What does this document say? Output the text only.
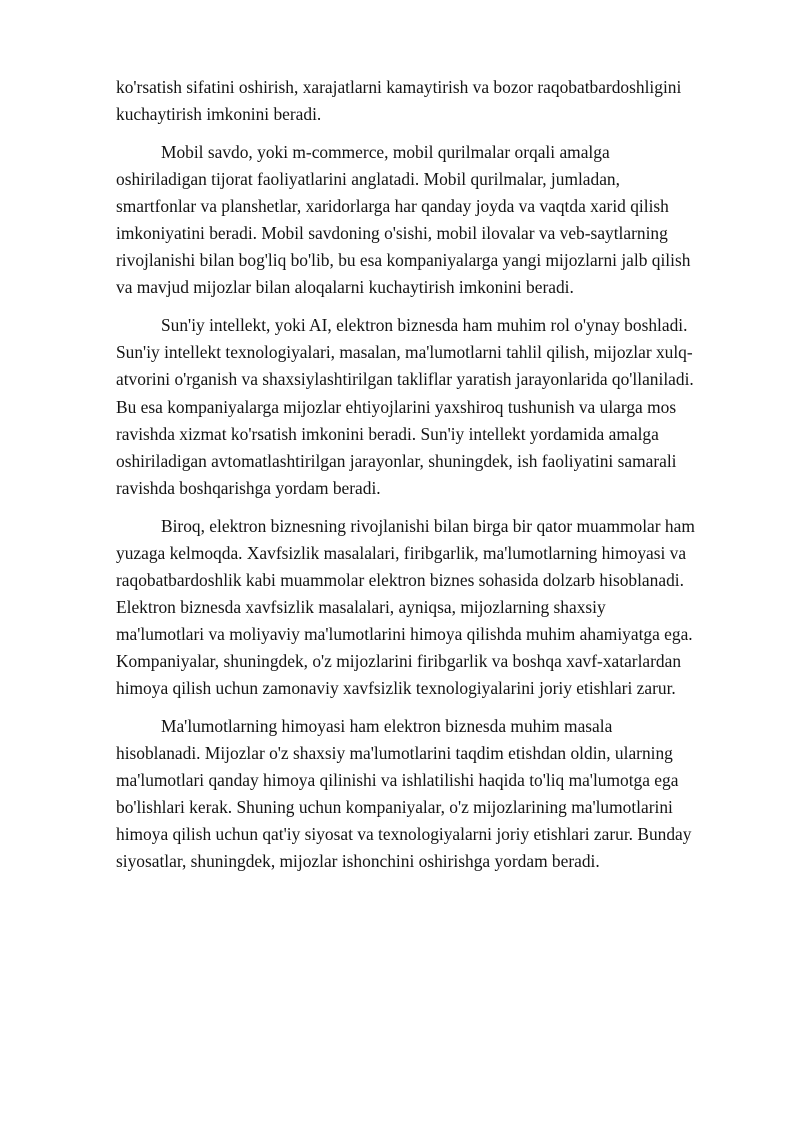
ko'rsatish sifatini oshirish, xarajatlarni kamaytirish va bozor raqobatbardoshligini
kuchaytirish imkonini beradi.

Mobil savdo, yoki m-commerce, mobil qurilmalar orqali amalga
oshiriladigan tijorat faoliyatlarini anglatadi. Mobil qurilmalar, jumladan,
smartfonlar va planshetlar, xaridorlarga har qanday joyda va vaqtda xarid qilish
imkoniyatini beradi. Mobil savdoning o'sishi, mobil ilovalar va veb-saytlarning
rivojlanishi bilan bog'liq bo'lib, bu esa kompaniyalarga yangi mijozlarni jalb qilish
va mavjud mijozlar bilan aloqalarni kuchaytirish imkonini beradi.

Sun'iy intellekt, yoki AI, elektron biznesda ham muhim rol o'ynay boshladi.
Sun'iy intellekt texnologiyalari, masalan, ma'lumotlarni tahlil qilish, mijozlar xulq-
atvorini o'rganish va shaxsiylashtirilgan takliflar yaratish jarayonlarida qo'llaniladi.
Bu esa kompaniyalarga mijozlar ehtiyojlarini yaxshiroq tushunish va ularga mos
ravishda xizmat ko'rsatish imkonini beradi. Sun'iy intellekt yordamida amalga
oshiriladigan avtomatlashtirilgan jarayonlar, shuningdek, ish faoliyatini samarali
ravishda boshqarishga yordam beradi.

Biroq, elektron biznesning rivojlanishi bilan birga bir qator muammolar ham
yuzaga kelmoqda. Xavfsizlik masalalari, firibgarlik, ma'lumotlarning himoyasi va
raqobatbardoshlik kabi muammolar elektron biznes sohasida dolzarb hisoblanadi.
Elektron biznesda xavfsizlik masalalari, ayniqsa, mijozlarning shaxsiy
ma'lumotlari va moliyaviy ma'lumotlarini himoya qilishda muhim ahamiyatga ega.
Kompaniyalar, shuningdek, o'z mijozlarini firibgarlik va boshqa xavf-xatarlardan
himoya qilish uchun zamonaviy xavfsizlik texnologiyalarini joriy etishlari zarur.

Ma'lumotlarning himoyasi ham elektron biznesda muhim masala
hisoblanadi. Mijozlar o'z shaxsiy ma'lumotlarini taqdim etishdan oldin, ularning
ma'lumotlari qanday himoya qilinishi va ishlatilishi haqida to'liq ma'lumotga ega
bo'lishlari kerak. Shuning uchun kompaniyalar, o'z mijozlarining ma'lumotlarini
himoya qilish uchun qat'iy siyosat va texnologiyalarni joriy etishlari zarur. Bunday
siyosatlar, shuningdek, mijozlar ishonchini oshirishga yordam beradi.
